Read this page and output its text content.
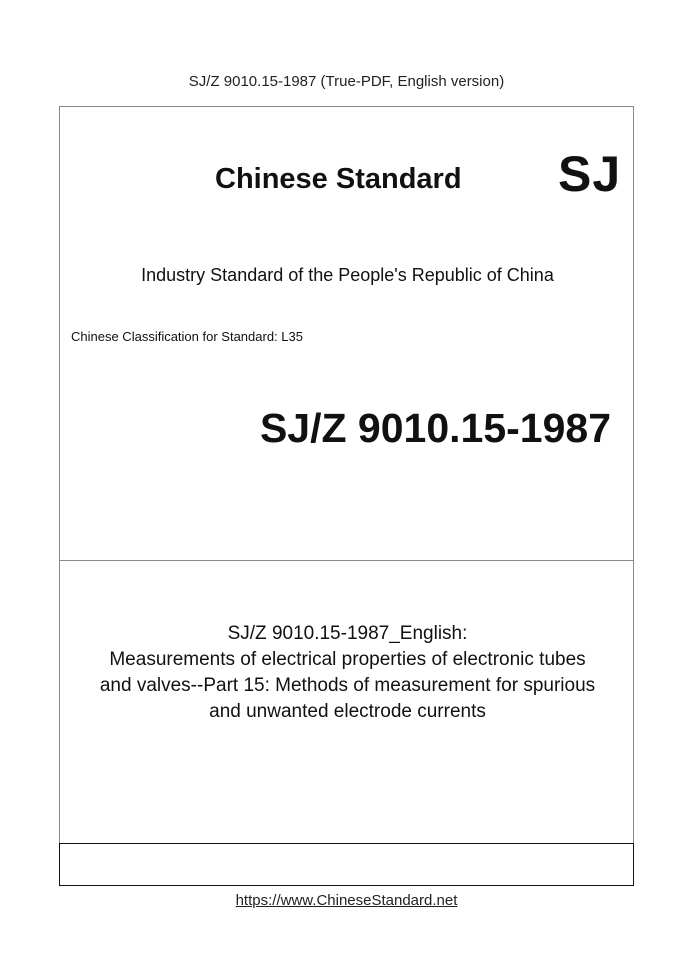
SJ/Z 9010.15-1987 (True-PDF, English version)
Chinese Standard SJ
Industry Standard of the People's Republic of China
Chinese Classification for Standard: L35
SJ/Z 9010.15-1987
SJ/Z 9010.15-1987_English:
Measurements of electrical properties of electronic tubes
and valves--Part 15: Methods of measurement for spurious
and unwanted electrode currents
https://www.ChineseStandard.net
